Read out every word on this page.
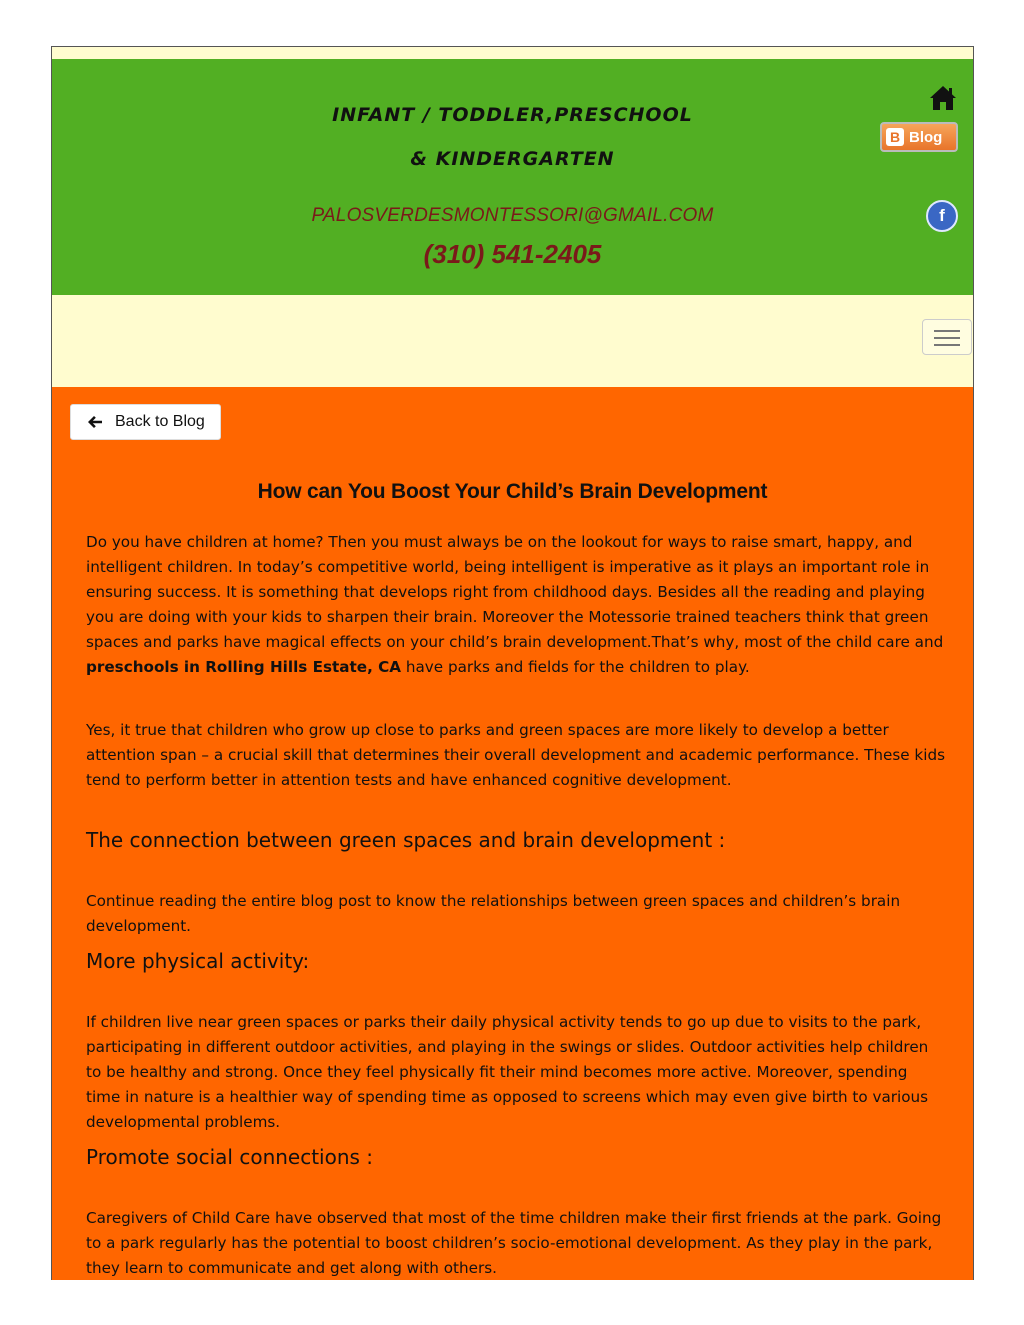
INFANT / TODDLER,PRESCHOOL
& KINDERGARTEN
PALOSVERDESMONTESSORI@GMAIL.COM
(310) 541-2405
B Blog
f
Back to Blog
How can You Boost Your Child’s Brain Development

Do you have children at home? Then you must always be on the lookout for ways to raise smart, happy, and intelligent children. In today’s competitive world, being intelligent is imperative as it plays an important role in ensuring success. It is something that develops right from childhood days. Besides all the reading and playing you are doing with your kids to sharpen their brain. Moreover the Motessorie trained teachers think that green spaces and parks have magical effects on your child’s brain development.That’s why, most of the child care and preschools in Rolling Hills Estate, CA have parks and fields for the children to play.

Yes, it true that children who grow up close to parks and green spaces are more likely to develop a better attention span – a crucial skill that determines their overall development and academic performance. These kids tend to perform better in attention tests and have enhanced cognitive development.

The connection between green spaces and brain development :

Continue reading the entire blog post to know the relationships between green spaces and children’s brain development.

More physical activity:

If children live near green spaces or parks their daily physical activity tends to go up due to visits to the park, participating in different outdoor activities, and playing in the swings or slides. Outdoor activities help children to be healthy and strong. Once they feel physically fit their mind becomes more active. Moreover, spending time in nature is a healthier way of spending time as opposed to screens which may even give birth to various developmental problems.

Promote social connections :

Caregivers of Child Care have observed that most of the time children make their first friends at the park. Going to a park regularly has the potential to boost children’s socio-emotional development. As they play in the park, they learn to communicate and get along with others.
